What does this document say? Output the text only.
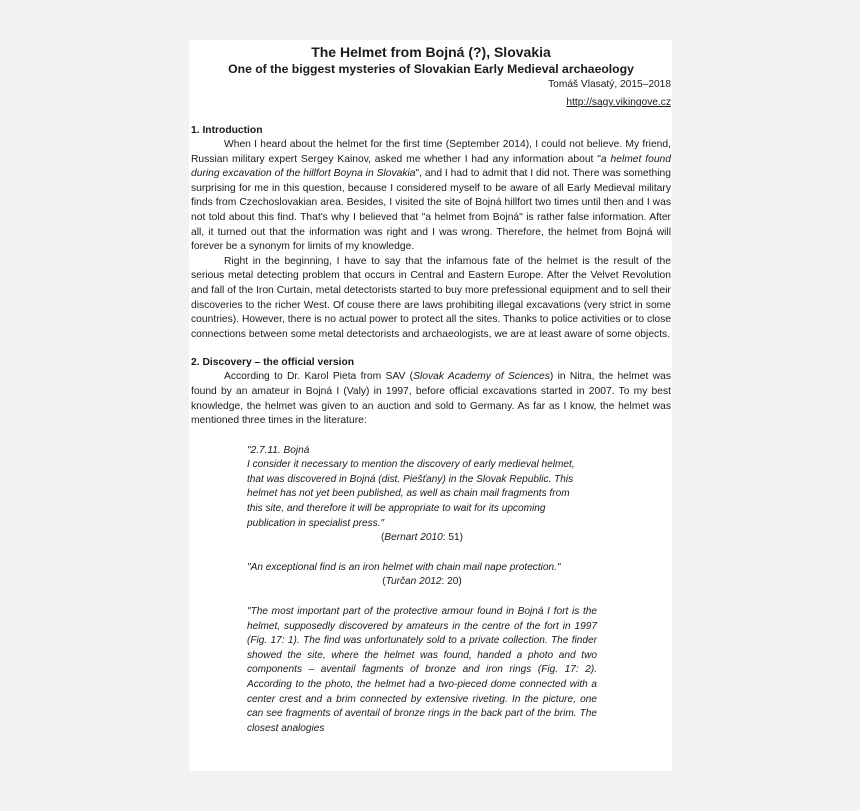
The Helmet from Bojná (?), Slovakia
One of the biggest mysteries of Slovakian Early Medieval archaeology
Tomáš Vlasatý, 2015–2018
http://sagy.vikingove.cz
1. Introduction

When I heard about the helmet for the first time (September 2014), I could not believe. My friend, Russian military expert Sergey Kainov, asked me whether I had any information about "a helmet found during excavation of the hillfort Boyna in Slovakia", and I had to admit that I did not. There was something surprising for me in this question, because I considered myself to be aware of all Early Medieval military finds from Czechoslovakian area. Besides, I visited the site of Bojná hillfort two times until then and I was not told about this find. That's why I believed that "a helmet from Bojná" is rather false information. After all, it turned out that the information was right and I was wrong. Therefore, the helmet from Bojná will forever be a synonym for limits of my knowledge.

Right in the beginning, I have to say that the infamous fate of the helmet is the result of the serious metal detecting problem that occurs in Central and Eastern Europe. After the Velvet Revolution and fall of the Iron Curtain, metal detectorists started to buy more prefessional equipment and to sell their discoveries to the richer West. Of couse there are laws prohibiting illegal excavations (very strict in some countries). However, there is no actual power to protect all the sites. Thanks to police activities or to close connections between some metal detectorists and archaeologists, we are at least aware of some objects.

2. Discovery – the official version

According to Dr. Karol Pieta from SAV (Slovak Academy of Sciences) in Nitra, the helmet was found by an amateur in Bojná I (Valy) in 1997, before official excavations started in 2007. To my best knowledge, the helmet was given to an auction and sold to Germany. As far as I know, the helmet was mentioned three times in the literature:

"2.7.11. Bojná
I consider it necessary to mention the discovery of early medieval helmet,
that was discovered in Bojná (dist. Piešťany) in the Slovak Republic. This
helmet has not yet been published, as well as chain mail fragments from
this site, and therefore it will be appropriate to wait for its upcoming
publication in specialist press."
(Bernart 2010: 51)
"An exceptional find is an iron helmet with chain mail nape protection."
(Turčan 2012: 20)
"The most important part of the protective armour found in Bojná I fort is the helmet, supposedly discovered by amateurs in the centre of the fort in 1997 (Fig. 17: 1). The find was unfortunately sold to a private collection. The finder showed the site, where the helmet was found, handed a photo and two components – aventail fagments of bronze and iron rings (Fig. 17: 2). According to the photo, the helmet had a two-pieced dome connected with a center crest and a brim connected by extensive riveting. In the picture, one can see fragments of aventail of bronze rings in the back part of the brim. The closest analogies
